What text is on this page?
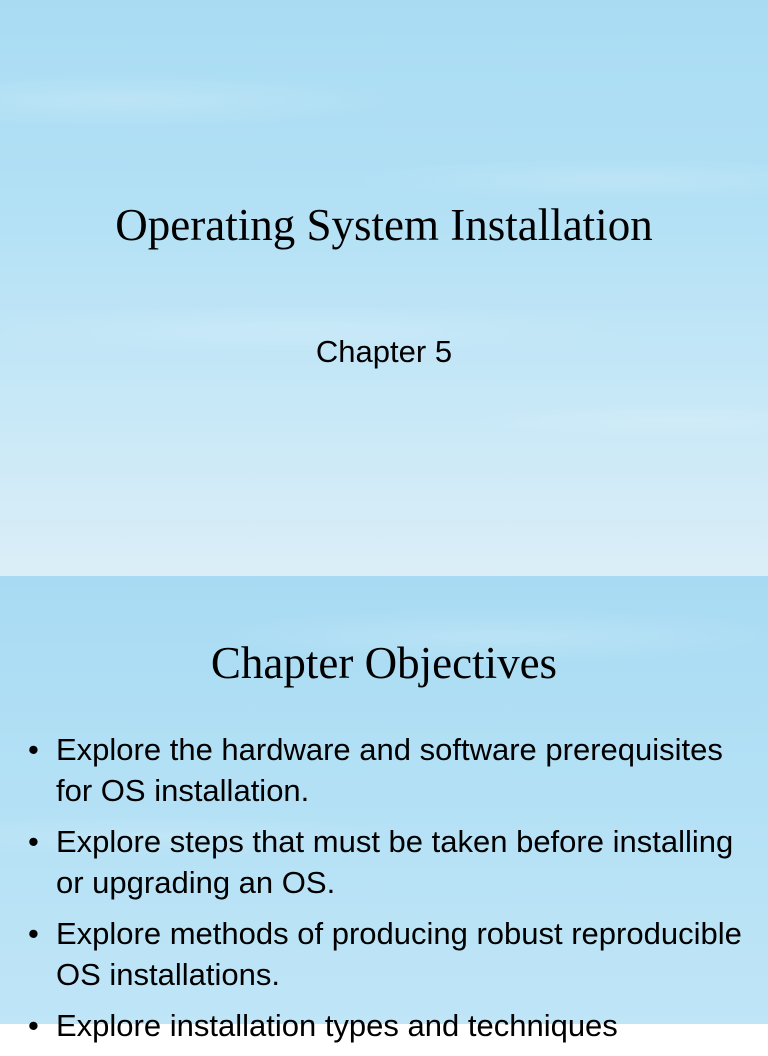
Operating System Installation

Chapter 5

Chapter Objectives
• Explore the hardware and software prerequisites for OS installation.
• Explore steps that must be taken before installing or upgrading an OS.
• Explore methods of producing robust reproducible OS installations.
• Explore installation types and techniques
